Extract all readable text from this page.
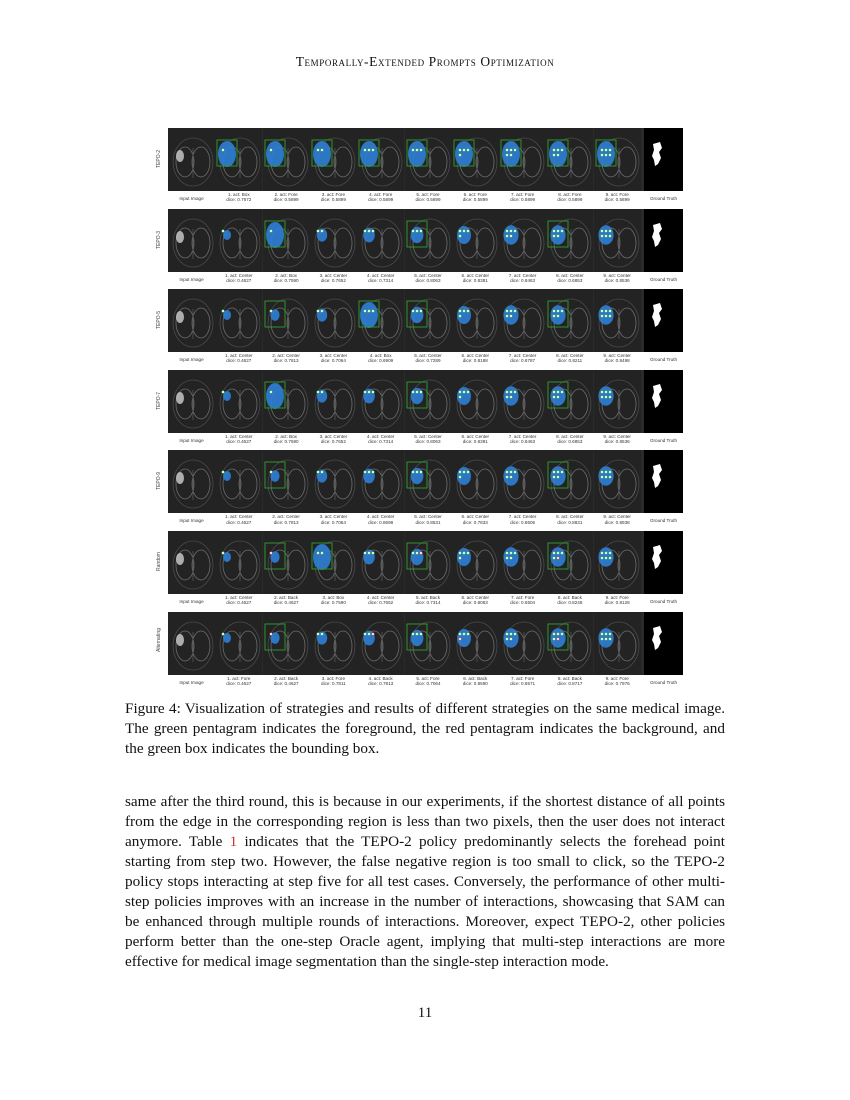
Temporally-Extended Prompts Optimization
TEPO-2
Input Image
1. act: Box
dice: 0.7672
2. act: Fore
dice: 0.5899
3. act: Fore
dice: 0.5899
4. act: Fore
dice: 0.5899
5. act: Fore
dice: 0.5899
6. act: Fore
dice: 0.5899
7. act: Fore
dice: 0.5899
8. act: Fore
dice: 0.5899
9. act: Fore
dice: 0.5899	Ground Truth
TEPO-3
Input Image
1. act: Center
dice: 0.4627
2. act: Box
dice: 0.7590
3. act: Center
dice: 0.7652
4. act: Center
dice: 0.7314
5. act: Center
dice: 0.8063
6. act: Center
dice: 0.8381
7. act: Center
dice: 0.8463
8. act: Center
dice: 0.6853
9. act: Center
dice: 0.8536	Ground Truth
TEPO-5
Input Image
1. act: Center
dice: 0.4627
2. act: Center
dice: 0.7813
3. act: Center
dice: 0.7064
4. act: Box
dice: 0.6909
5. act: Center
dice: 0.7289
6. act: Center
dice: 0.8188
7. act: Center
dice: 0.6787
8. act: Center
dice: 0.8211
9. act: Center
dice: 0.8498	Ground Truth
TEPO-7
Input Image
1. act: Center
dice: 0.4627
2. act: Box
dice: 0.7590
3. act: Center
dice: 0.7652
4. act: Center
dice: 0.7314
5. act: Center
dice: 0.8063
6. act: Center
dice: 0.8381
7. act: Center
dice: 0.8463
8. act: Center
dice: 0.6853
9. act: Center
dice: 0.8536	Ground Truth
TEPO-9
Input Image
1. act: Center
dice: 0.4627
2. act: Center
dice: 0.7813
3. act: Center
dice: 0.7064
4. act: Center
dice: 0.8698
5. act: Center
dice: 0.8531
6. act: Center
dice: 0.7833
7. act: Center
dice: 0.8605
8. act: Center
dice: 0.8831
9. act: Center
dice: 0.8938	Ground Truth
Random
Input Image
1. act: Center
dice: 0.4627
2. act: Back
dice: 0.4627
3. act: Box
dice: 0.7590
4. act: Center
dice: 0.7652
5. act: Back
dice: 0.7314
6. act: Center
dice: 0.8063
7. act: Fore
dice: 0.6504
8. act: Back
dice: 0.8248
9. act: Fore
dice: 0.8128	Ground Truth
Alternating
Input Image
1. act: Fore
dice: 0.4627
2. act: Back
dice: 0.4627
3. act: Fore
dice: 0.7811
4. act: Back
dice: 0.7813
5. act: Fore
dice: 0.7064
6. act: Back
dice: 0.8590
7. act: Fore
dice: 0.8571
8. act: Back
dice: 0.8717
9. act: Fore
dice: 0.7976	Ground Truth
Figure 4: Visualization of strategies and results of different strategies on the same medical image. The green pentagram indicates the foreground, the red pentagram indicates the background, and the green box indicates the bounding box.
same after the third round, this is because in our experiments, if the shortest distance of all points from the edge in the corresponding region is less than two pixels, then the user does not interact anymore. Table 1 indicates that the TEPO-2 policy predominantly selects the forehead point starting from step two. However, the false negative region is too small to click, so the TEPO-2 policy stops interacting at step five for all test cases. Conversely, the performance of other multi-step policies improves with an increase in the number of interactions, showcasing that SAM can be enhanced through multiple rounds of interactions. Moreover, expect TEPO-2, other policies perform better than the one-step Oracle agent, implying that multi-step interactions are more effective for medical image segmentation than the single-step interaction mode.
11
